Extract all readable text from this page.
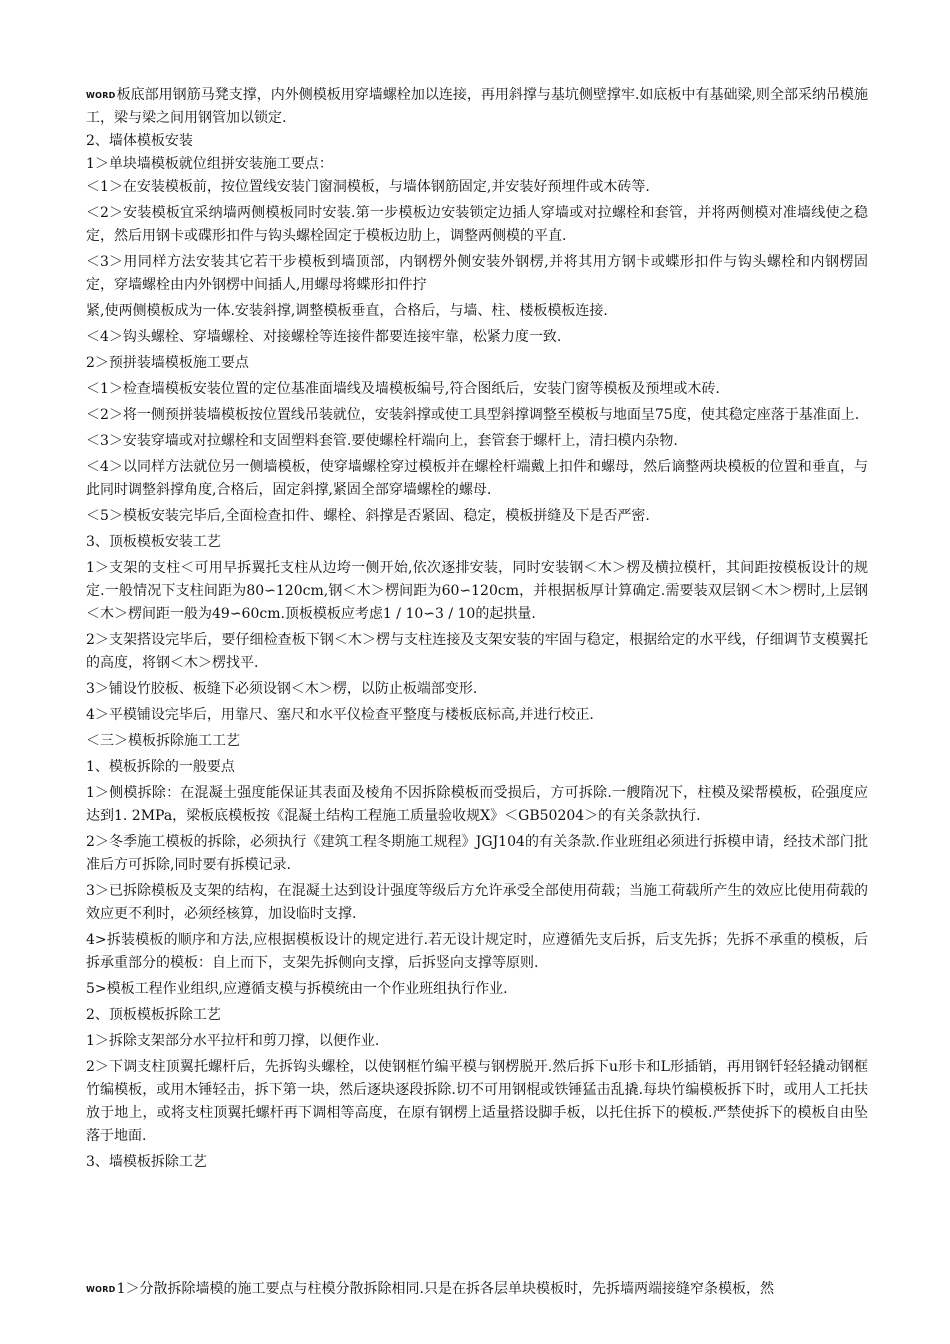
WORD板底部用钢筋马凳支撑，内外侧模板用穿墙螺栓加以连接，再用斜撑与基坑侧壁撑牢.如底板中有基础梁,则全部采纳吊模施工，梁与梁之间用钢管加以锁定.

2、墙体模板安装

1＞单块墙模板就位组拼安装施工要点：

＜1＞在安装模板前，按位置线安装门窗洞模板，与墙体钢筋固定,并安装好预埋件或木砖等.

＜2＞安装模板宜采纳墙两侧模板同时安装.第一步模板边安装锁定边插人穿墙或对拉螺栓和套管，并将两侧模对准墙线使之稳定，然后用钢卡或碟形扣件与钩头螺栓固定于模板边肋上，调整两侧模的平直.

＜3＞用同样方法安装其它若干步模板到墙顶部，内钢楞外侧安装外钢楞,并将其用方钢卡或蝶形扣件与钩头螺栓和内钢楞固定，穿墙螺栓由内外钢楞中间插人,用螺母将蝶形扣件拧

紧,使两侧模板成为一体.安装斜撑,调整模板垂直，合格后，与墙、柱、楼板模板连接.

＜4＞钩头螺栓、穿墙螺栓、对接螺栓等连接件都要连接牢靠，松紧力度一致.

2＞预拼装墙模板施工要点

＜1＞检查墙模板安装位置的定位基准面墙线及墙模板编号,符合图纸后，安装门窗等模板及预埋或木砖.

＜2＞将一侧预拼装墙模板按位置线吊装就位，安装斜撑或使工具型斜撑调整至模板与地面呈75度，使其稳定座落于基准面上.

＜3＞安装穿墙或对拉螺栓和支固塑料套管.要使螺栓杆端向上，套管套于螺杆上，清扫模内杂物.

＜4＞以同样方法就位另一侧墙模板，使穿墙螺栓穿过模板并在螺栓杆端戴上扣件和螺母，然后谪整两块模板的位置和垂直，与此同时调整斜撑角度,合格后，固定斜撑,紧固全部穿墙螺栓的螺母.

＜5＞模板安装完毕后,全面检查扣件、螺栓、斜撑是否紧固、稳定，模板拼缝及下是否严密.

3、顶板模板安装工艺

1＞支架的支柱＜可用早拆翼托支柱从边垮一侧开始,依次逐排安装，同时安装钢＜木＞楞及横拉模杆，其间距按模板设计的规定.一般情况下支柱间距为80∽120cm,钢＜木＞楞间距为60∽120cm，并根据板厚计算确定.需要装双层钢＜木＞楞时,上层钢＜木＞楞间距一般为49∽60cm.顶板模板应考虑1 / 10∽3 / 10的起拱量.

2＞支架搭设完毕后，要仔细检查板下钢＜木＞楞与支柱连接及支架安装的牢固与稳定，根据给定的水平线，仔细调节支模翼托的高度，将钢＜木＞楞找平.

3＞铺设竹胶板、板缝下必须设钢＜木＞楞，以防止板端部变形.

4＞平模铺设完毕后，用靠尺、塞尺和水平仪检查平整度与楼板底标高,并进行校正.

＜三＞模板拆除施工工艺

1、模板拆除的一般要点

1＞侧模拆除：在混凝土强度能保证其表面及棱角不因拆除模板而受损后，方可拆除.一艘隋况下，柱模及梁帮模板，砼强度应达到1. 2MPa，梁板底模板按《混凝土结构工程施工质量验收规Ⅹ》＜GB50204＞的有关条款执行.

2＞冬季施工模板的拆除，必须执行《建筑工程冬期施工规程》JGJ104的有关条款.作业班组必须进行拆模申请，经技术部门批准后方可拆除,同时要有拆模记录.

3＞已拆除模板及支架的结构，在混凝土达到设计强度等级后方允许承受全部使用荷载；当施工荷载所产生的效应比使用荷载的效应更不利时，必须经核算，加设临时支撑.

4>拆装模板的顺序和方法,应根据模板设计的规定进行.若无设计规定时，应遵循先支后拆，后支先拆；先拆不承重的模板，后拆承重部分的模板：自上而下，支架先拆侧向支撑，后拆竖向支撑等原则.

5>模板工程作业组织,应遵循支模与拆模统由一个作业班组执行作业.

2、顶板模板拆除工艺

1＞拆除支架部分水平拉杆和剪刀撑，以便作业.

2＞下调支柱顶翼托螺杆后，先拆钩头螺栓，以使钢框竹编平模与钢楞脱开.然后拆下u形卡和L形插销，再用钢钎轻轻撬动钢框竹编模板，或用木锤轻击，拆下第一块，然后逐块逐段拆除.切不可用钢棍或铁锤猛击乱撬.每块竹编模板拆下时，或用人工托扶放于地上，或将支柱顶翼托螺杆再下调相等高度，在原有钢楞上适量搭设脚手板，以托住拆下的模板.严禁使拆下的模板自由坠落于地面.

3、墙模板拆除工艺

WORD1＞分散拆除墙模的施工要点与柱模分散拆除相同.只是在拆各层单块模板时，先拆墙两端接缝窄条模板，然
